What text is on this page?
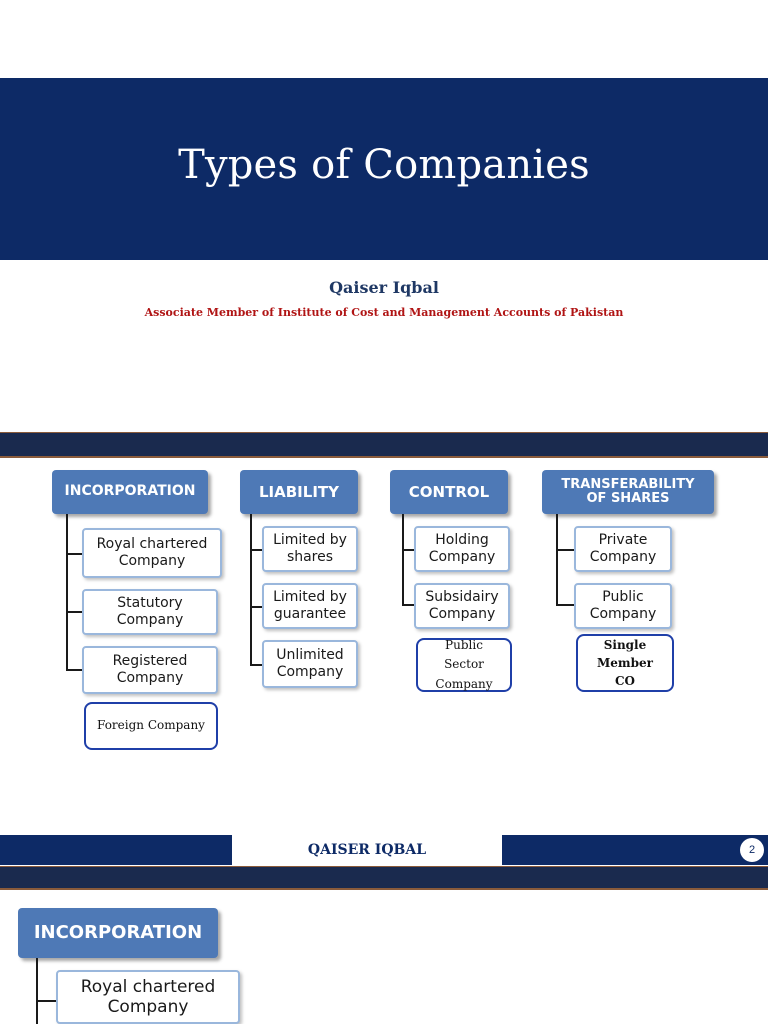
Types of Companies
Qaiser Iqbal
Associate Member of Institute of Cost and Management Accounts of Pakistan
INCORPORATION
Royal chartered Company
Statutory Company
Registered Company
Foreign Company
LIABILITY
Limited by shares
Limited by guarantee
Unlimited Company
CONTROL
Holding Company
Subsidairy Company
Public Sector Company
TRANSFERABILITY OF SHARES
Private Company
Public Company
Single Member CO
QAISER IQBAL	2
INCORPORATION
Royal chartered Company
